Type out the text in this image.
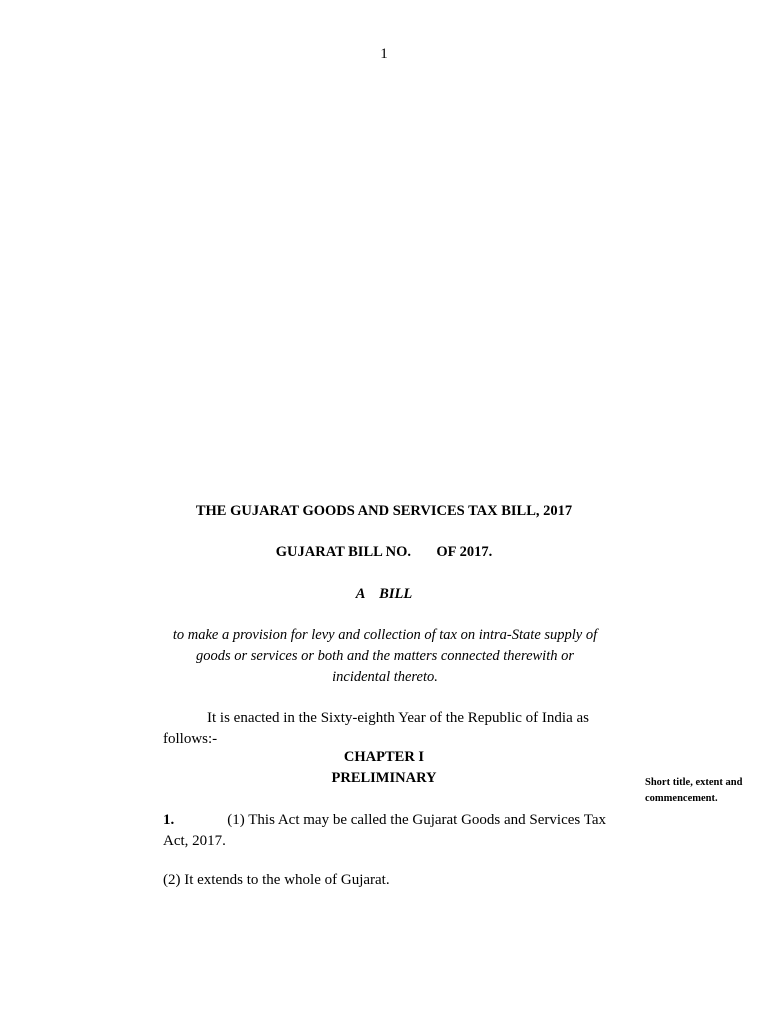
1
THE GUJARAT GOODS AND SERVICES TAX BILL, 2017
GUJARAT BILL NO.       OF 2017.
A    BILL
to make a provision for levy and collection of tax on intra-State supply of
goods or services or both and the matters connected therewith or
incidental thereto.
It is enacted in the Sixty-eighth Year of the Republic of India as
follows:-
CHAPTER I
PRELIMINARY	Short title, extent and
commencement.
1.	(1) This Act may be called the Gujarat Goods and Services Tax
Act, 2017.
(2) It extends to the whole of Gujarat.
